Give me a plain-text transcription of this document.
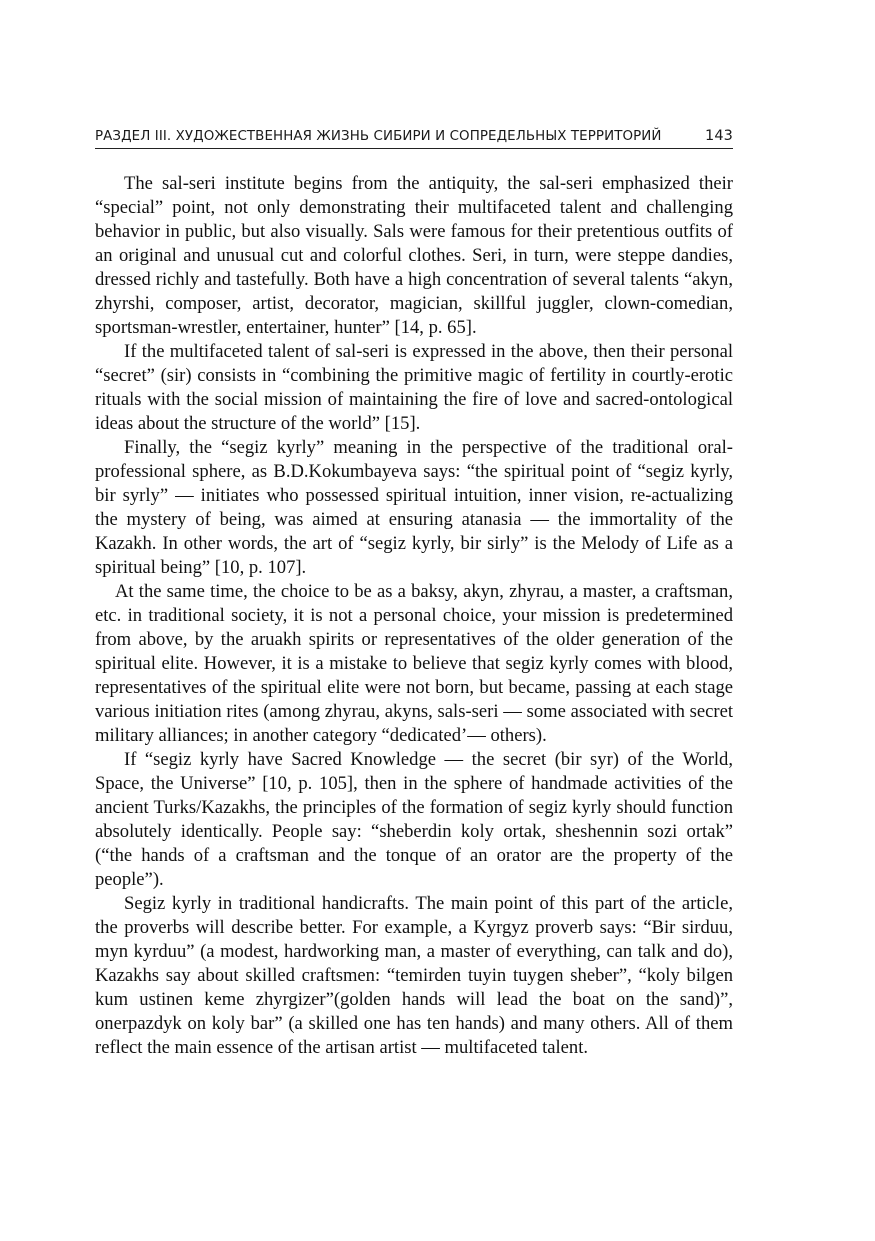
РАЗДЕЛ III. ХУДОЖЕСТВЕННАЯ ЖИЗНЬ СИБИРИ И СОПРЕДЕЛЬНЫХ ТЕРРИТОРИЙ	143

The sal-seri institute begins from the antiquity, the sal-seri emphasized their “special” point, not only demonstrating their multifaceted talent and challenging behavior in public, but also visually. Sals were famous for their pretentious outfits of an original and unusual cut and colorful clothes. Seri, in turn, were steppe dandies, dressed richly and tastefully. Both have a high concentration of several talents “akyn, zhyrshi, composer, artist, decorator, magician, skillful juggler, clown-comedian, sportsman-wrestler, entertainer, hunter” [14, p. 65].

If the multifaceted talent of sal-seri is expressed in the above, then their personal “secret” (sir) consists in “combining the primitive magic of fertility in courtly-erotic rituals with the social mission of maintaining the fire of love and sacred-ontological ideas about the structure of the world” [15].

Finally, the “segiz kyrly” meaning in the perspective of the traditional oral-professional sphere, as B.D.Kokumbayeva says: “the spiritual point of “segiz kyrly, bir syrly” — initiates who possessed spiritual intuition, inner vision, re-actualizing the mystery of being, was aimed at ensuring atanasia — the immortality of the Kazakh. In other words, the art of “segiz kyrly, bir sirly” is the Melody of Life as a spiritual being” [10, p. 107].

At the same time, the choice to be as a baksy, akyn, zhyrau, a master, a craftsman, etc. in traditional society, it is not a personal choice, your mission is predetermined from above, by the aruakh spirits or representatives of the older generation of the spiritual elite. However, it is a mistake to believe that segiz kyrly comes with blood, representatives of the spiritual elite were not born, but became, passing at each stage various initiation rites (among zhyrau, akyns, sals-seri — some associated with secret military alliances; in another category “dedicated’— others).

If “segiz kyrly have Sacred Knowledge — the secret (bir syr) of the World, Space, the Universe” [10, p. 105], then in the sphere of handmade activities of the ancient Turks/Kazakhs, the principles of the formation of segiz kyrly should function absolutely identically. People say: “sheberdin koly ortak, sheshennin sozi ortak” (“the hands of a craftsman and the tonque of an orator are the property of the people”).

Segiz kyrly in traditional handicrafts. The main point of this part of the article, the proverbs will describe better. For example, a Kyrgyz proverb says: “Bir sirduu, myn kyrduu” (a modest, hardworking man, a master of everything, can talk and do), Kazakhs say about skilled craftsmen: “temirden tuyin tuygen sheber”, “koly bilgen kum ustinen keme zhyrgizer”(golden hands will lead the boat on the sand)”, onerpazdyk on koly bar” (a skilled one has ten hands) and many others. All of them reflect the main essence of the artisan artist — multifaceted talent.
